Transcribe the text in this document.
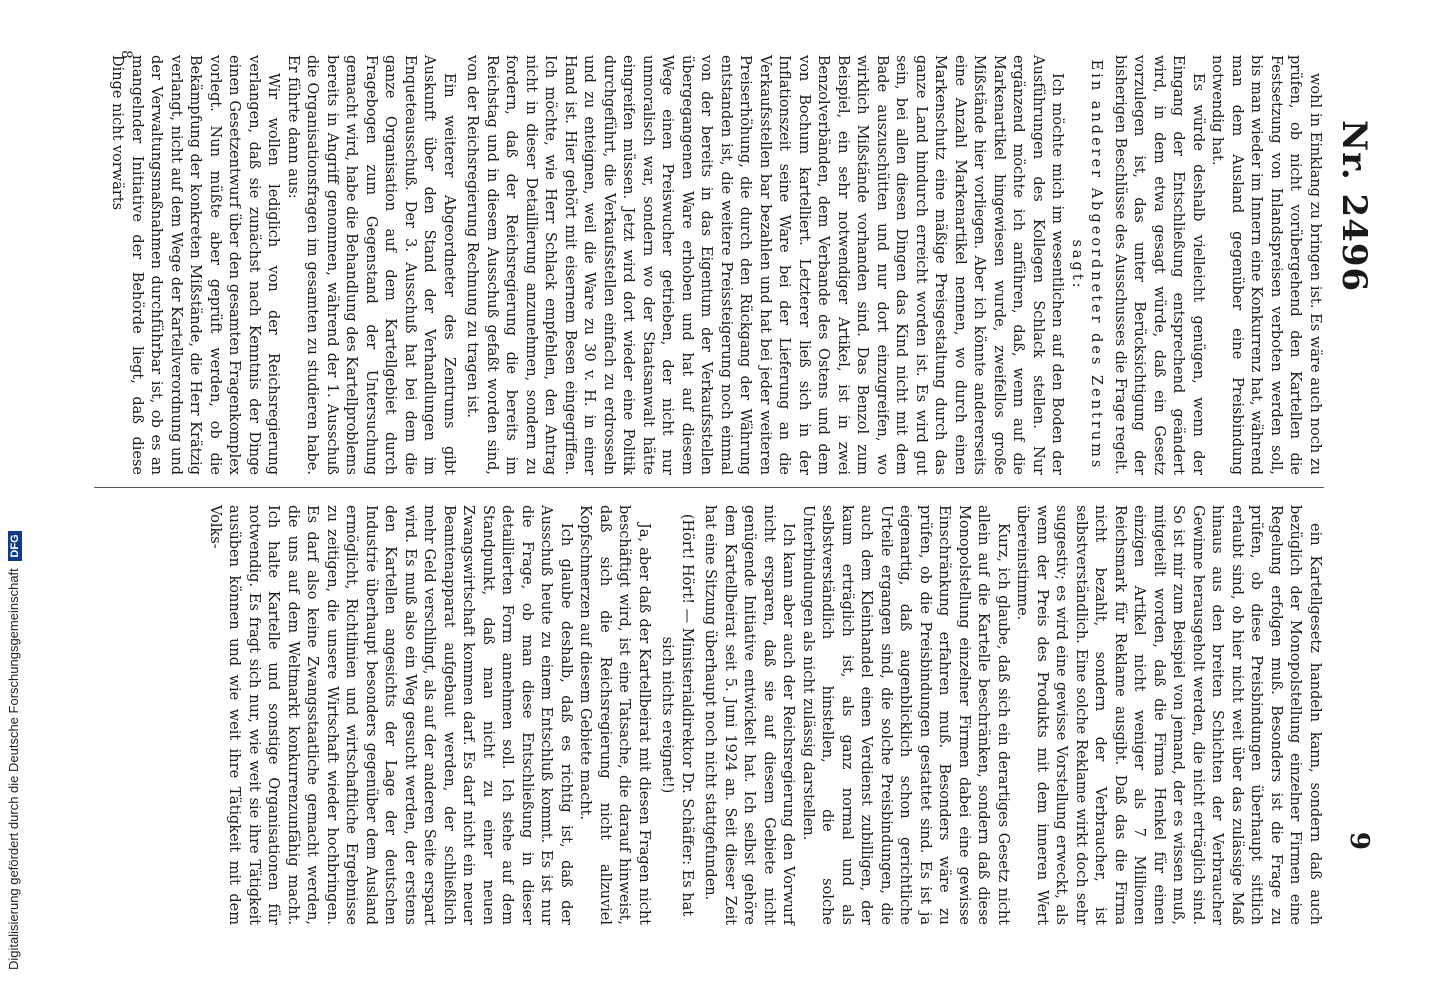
Nr. 2496
9

wohl in Einklang zu bringen ist. Es wäre auch noch zu prüfen, ob nicht vorübergehend den Kartellen die Festsetzung von Inlandspreisen verboten werden soll, bis man wieder im Innern eine Konkurrenz hat, während man dem Ausland gegenüber eine Preisbindung notwendig hat.

Es würde deshalb vielleicht genügen, wenn der Eingang der Entschließung entsprechend geändert wird, in dem etwa gesagt würde, daß ein Gesetz vorzulegen ist, das unter Berücksichtigung der bisherigen Beschlüsse des Ausschusses die Frage regelt.

Ein anderer Abgeordneter des Zentrums sagt:

Ich möchte mich im wesentlichen auf den Boden der Ausführungen des Kollegen Schlack stellen. Nur ergänzend möchte ich anführen, daß, wenn auf die Markenartikel hingewiesen wurde, zweifellos große Mißstände hier vorliegen. Aber ich könnte andererseits eine Anzahl Markenartikel nennen, wo durch einen Markenschutz eine mäßige Preisgestaltung durch das ganze Land hindurch erreicht worden ist. Es wird gut sein, bei allen diesen Dingen das Kind nicht mit dem Bade auszuschütten und nur dort einzugreifen, wo wirklich Mißstände vorhanden sind. Das Benzol zum Beispiel, ein sehr notwendiger Artikel, ist in zwei Benzolverbänden, dem Verbande des Ostens und dem von Bochum kartelliert. Letzterer ließ sich in der Inflationszeit seine Ware bei der Lieferung an die Verkaufsstellen bar bezahlen und hat bei jeder weiteren Preiserhöhung, die durch den Rückgang der Währung entstanden ist, die weitere Preissteigerung noch einmal von der bereits in das Eigentum der Verkaufsstellen übergegangenen Ware erhoben und hat auf diesem Wege einen Preiswucher getrieben, der nicht nur unmoralisch war, sondern wo der Staatsanwalt hätte eingreifen müssen. Jetzt wird dort wieder eine Politik durchgeführt, die Verkaufsstellen einfach zu erdrosseln und zu enteignen, weil die Ware zu 30 v. H. in einer Hand ist. Hier gehört mit eisernem Besen eingegriffen. Ich möchte, wie Herr Schlack empfehlen, den Antrag nicht in dieser Detaillierung anzunehmen, sondern zu fordern, daß der Reichsregierung die bereits im Reichstag und in diesem Ausschuß gefaßt worden sind, von der Reichsregierung Rechnung zu tragen ist.

Ein weiterer Abgeordneter des Zentrums gibt Auskunft über den Stand der Verhandlungen im Enqueteausschuß. Der 3. Ausschuß hat bei dem die ganze Organisation auf dem Kartellgebiet durch Fragebogen zum Gegenstand der Untersuchung gemacht wird, habe die Behandlung des Kartellproblems bereits in Angriff genommen, während der 1. Ausschuß die Organisationsfragen im gesamten zu studieren habe. Er führte dann aus:

Wir wollen lediglich von der Reichsregierung verlangen, daß sie zunächst nach Kenntnis der Dinge einen Gesetzentwurf über den gesamten Fragenkomplex vorlegt. Nun müßte aber geprüft werden, ob die Bekämpfung der konkreten Mißstände, die Herr Krätzig verlangt, nicht auf dem Wege der Kartellverordnung und der Verwaltungsmaßnahmen durchführbar ist, ob es an mangelnder Initiative der Behörde liegt, daß diese Dinge nicht vorwärts

ein Kartellgesetz handeln kann, sondern daß auch bezüglich der Monopolstellung einzelner Firmen eine Regelung erfolgen muß. Besonders ist die Frage zu prüfen, ob diese Preisbindungen überhaupt sittlich erlaubt sind, ob hier nicht weit über das zulässige Maß hinaus aus den breiten Schichten der Verbraucher Gewinne herausgeholt werden, die nicht erträglich sind. So ist mir zum Beispiel von jemand, der es wissen muß, mitgeteilt worden, daß die Firma Henkel für einen einzigen Artikel nicht weniger als 7 Millionen Reichsmark für Reklame ausgibt. Daß das die Firma nicht bezahlt, sondern der Verbraucher, ist selbstverständlich. Eine solche Reklame wirkt doch sehr suggestiv; es wird eine gewisse Vorstellung erweckt, als wenn der Preis des Produkts mit dem inneren Wert übereinstimme.

Kurz, ich glaube, daß sich ein derartiges Gesetz nicht allein auf die Kartelle beschränken, sondern daß diese Monopolstellung einzelner Firmen dabei eine gewisse Einschränkung erfahren muß. Besonders wäre zu prüfen, ob die Preisbindungen gestattet sind. Es ist ja eigenartig, daß augenblicklich schon gerichtliche Urteile ergangen sind, die solche Preisbindungen, die auch dem Kleinhandel einen Verdienst zubilligen, der kaum erträglich ist, als ganz normal und als selbstverständlich hinstellen, die solche Unterbindungen als nicht zulässig darstellen.

Ich kann aber auch der Reichsregierung den Vorwurf nicht ersparen, daß sie auf diesem Gebiete nicht genügende Initiative entwickelt hat. Ich selbst gehöre dem Kartellbeirat seit 5. Juni 1924 an. Seit dieser Zeit hat eine Sitzung überhaupt noch nicht stattgefunden.

(Hört! Hört! — Ministerialdirektor Dr. Schäffer: Es hat sich nichts ereignet!)

Ja, aber daß der Kartellbeirat mit diesen Fragen nicht beschäftigt wird, ist eine Tatsache, die darauf hinweist, daß sich die Reichsregierung nicht allzuviel Kopfschmerzen auf diesem Gebiete macht.

Ich glaube deshalb, daß es richtig ist, daß der Ausschuß heute zu einem Entschluß kommt. Es ist nur die Frage, ob man diese Entschließung in dieser detaillierten Form annehmen soll. Ich stehe auf dem Standpunkt, daß man nicht zu einer neuen Zwangswirtschaft kommen darf. Es darf nicht ein neuer Beamtenapparat aufgebaut werden, der schließlich mehr Geld verschlingt, als auf der anderen Seite erspart wird. Es muß also ein Weg gesucht werden, der erstens den Kartellen angesichts der Lage der deutschen Industrie überhaupt besonders gegenüber dem Ausland ermöglicht, Richtlinien und wirtschaftliche Ergebnisse zu zeitigen, die unsere Wirtschaft wieder hochbringen. Es darf also keine Zwangsstaatliche gemacht werden, die uns auf dem Weltmarkt konkurrenzunfähig macht. Ich halte Kartelle und sonstige Organisationen für notwendig. Es fragt sich nur, wie weit sie ihre Tätigkeit ausüben können und wie weit ihre Tätigkeit mit dem Volks-

8
Digitalisierung gefördert durch die Deutsche Forschungsgemeinschaft DFG
